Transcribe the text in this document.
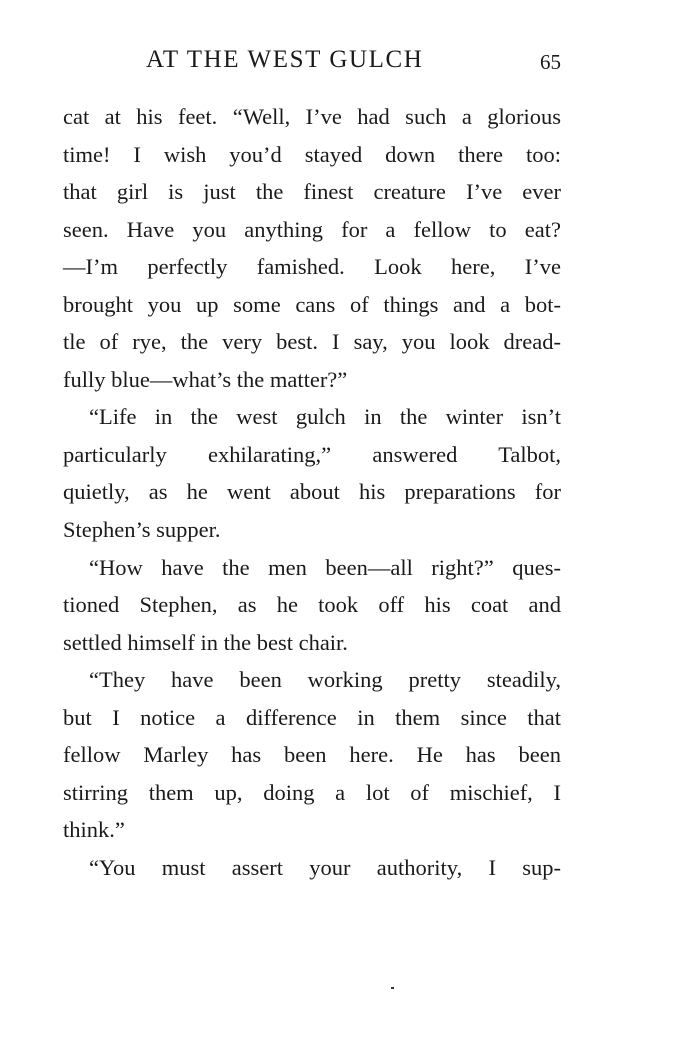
AT THE WEST GULCH	65
cat at his feet. “Well, I’ve had such a glorious
time! I wish you’d stayed down there too:
that girl is just the finest creature I’ve ever
seen. Have you anything for a fellow to eat?
—I’m perfectly famished. Look here, I’ve
brought you up some cans of things and a bot-
tle of rye, the very best. I say, you look dread-
fully blue—what’s the matter?”
“Life in the west gulch in the winter isn’t
particularly exhilarating,” answered Talbot,
quietly, as he went about his preparations for
Stephen’s supper.
“How have the men been—all right?” ques-
tioned Stephen, as he took off his coat and
settled himself in the best chair.
“They have been working pretty steadily,
but I notice a difference in them since that
fellow Marley has been here. He has been
stirring them up, doing a lot of mischief, I
think.”
“You must assert your authority, I sup-
